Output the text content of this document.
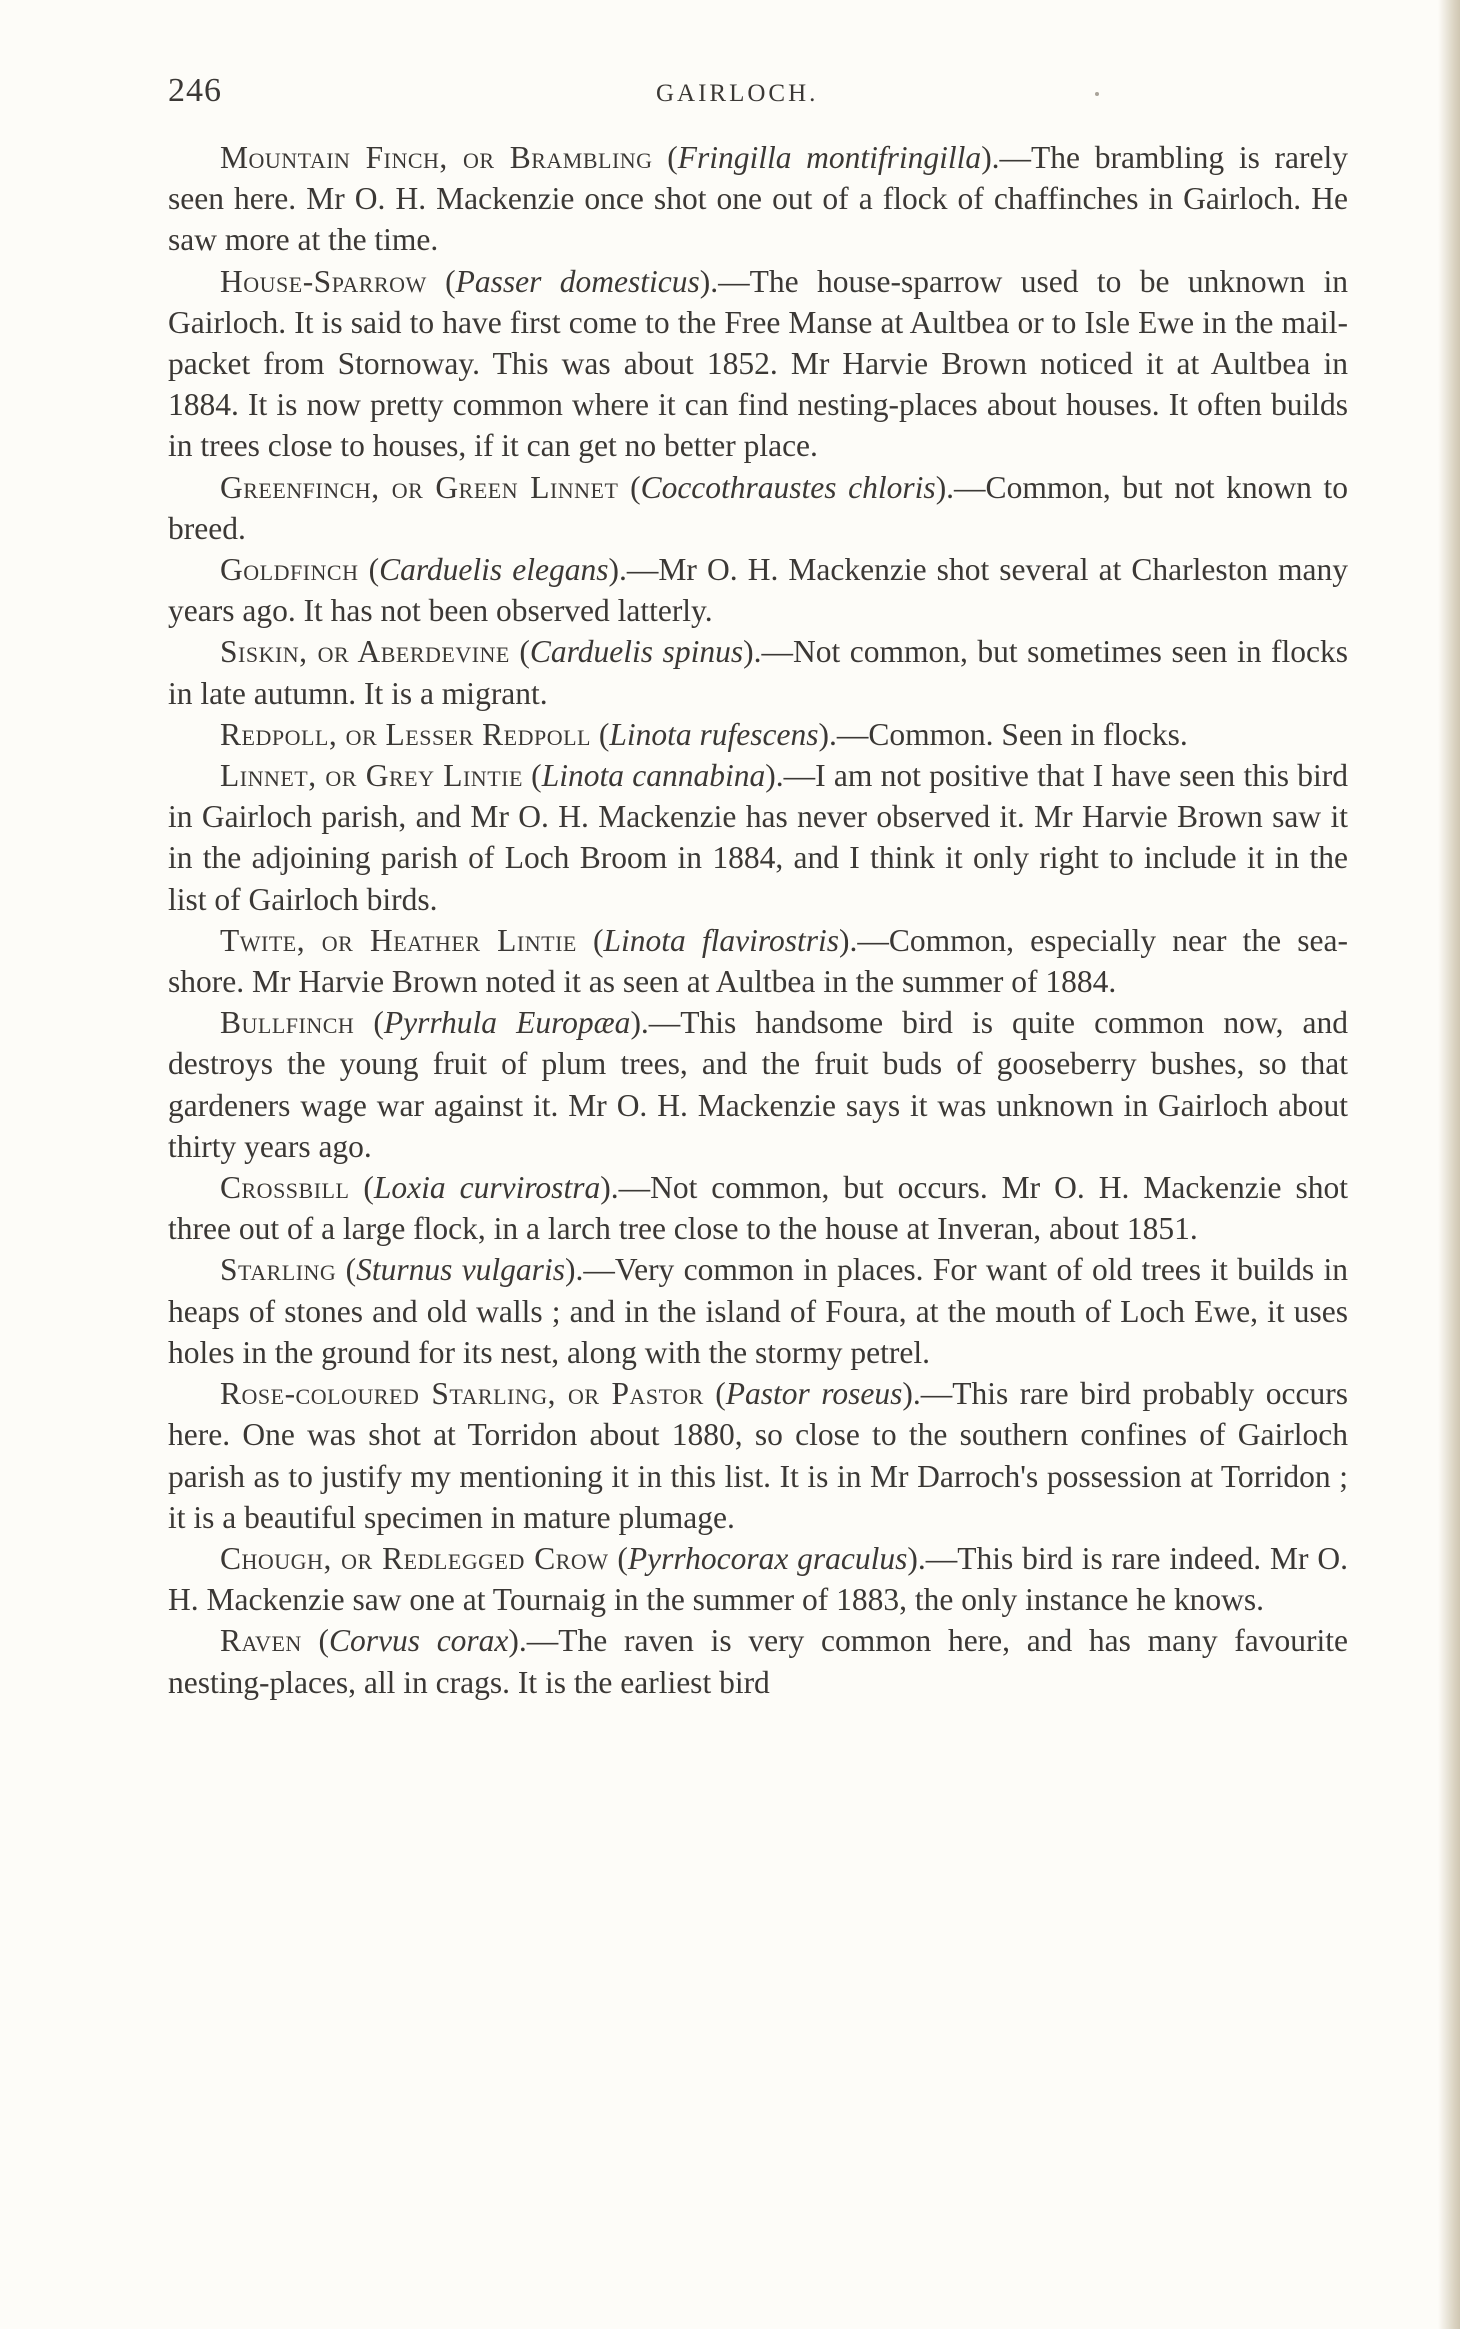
246	GAIRLOCH.

Mountain Finch, or Brambling (Fringilla montifringilla).—The brambling is rarely seen here. Mr O. H. Mackenzie once shot one out of a flock of chaffinches in Gairloch. He saw more at the time.

House-Sparrow (Passer domesticus).—The house-sparrow used to be unknown in Gairloch. It is said to have first come to the Free Manse at Aultbea or to Isle Ewe in the mail-packet from Stornoway. This was about 1852. Mr Harvie Brown noticed it at Aultbea in 1884. It is now pretty common where it can find nesting-places about houses. It often builds in trees close to houses, if it can get no better place.

Greenfinch, or Green Linnet (Coccothraustes chloris).—Common, but not known to breed.

Goldfinch (Carduelis elegans).—Mr O. H. Mackenzie shot several at Charleston many years ago. It has not been observed latterly.

Siskin, or Aberdevine (Carduelis spinus).—Not common, but sometimes seen in flocks in late autumn. It is a migrant.

Redpoll, or Lesser Redpoll (Linota rufescens).—Common. Seen in flocks.

Linnet, or Grey Lintie (Linota cannabina).—I am not positive that I have seen this bird in Gairloch parish, and Mr O. H. Mackenzie has never observed it. Mr Harvie Brown saw it in the adjoining parish of Loch Broom in 1884, and I think it only right to include it in the list of Gairloch birds.

Twite, or Heather Lintie (Linota flavirostris).—Common, especially near the sea-shore. Mr Harvie Brown noted it as seen at Aultbea in the summer of 1884.

Bullfinch (Pyrrhula Europæa).—This handsome bird is quite common now, and destroys the young fruit of plum trees, and the fruit buds of gooseberry bushes, so that gardeners wage war against it. Mr O. H. Mackenzie says it was unknown in Gairloch about thirty years ago.

Crossbill (Loxia curvirostra).—Not common, but occurs. Mr O. H. Mackenzie shot three out of a large flock, in a larch tree close to the house at Inveran, about 1851.

Starling (Sturnus vulgaris).—Very common in places. For want of old trees it builds in heaps of stones and old walls ; and in the island of Foura, at the mouth of Loch Ewe, it uses holes in the ground for its nest, along with the stormy petrel.

Rose-coloured Starling, or Pastor (Pastor roseus).—This rare bird probably occurs here. One was shot at Torridon about 1880, so close to the southern confines of Gairloch parish as to justify my mentioning it in this list. It is in Mr Darroch's possession at Torridon ; it is a beautiful specimen in mature plumage.

Chough, or Redlegged Crow (Pyrrhocorax graculus).—This bird is rare indeed. Mr O. H. Mackenzie saw one at Tournaig in the summer of 1883, the only instance he knows.

Raven (Corvus corax).—The raven is very common here, and has many favourite nesting-places, all in crags. It is the earliest bird
